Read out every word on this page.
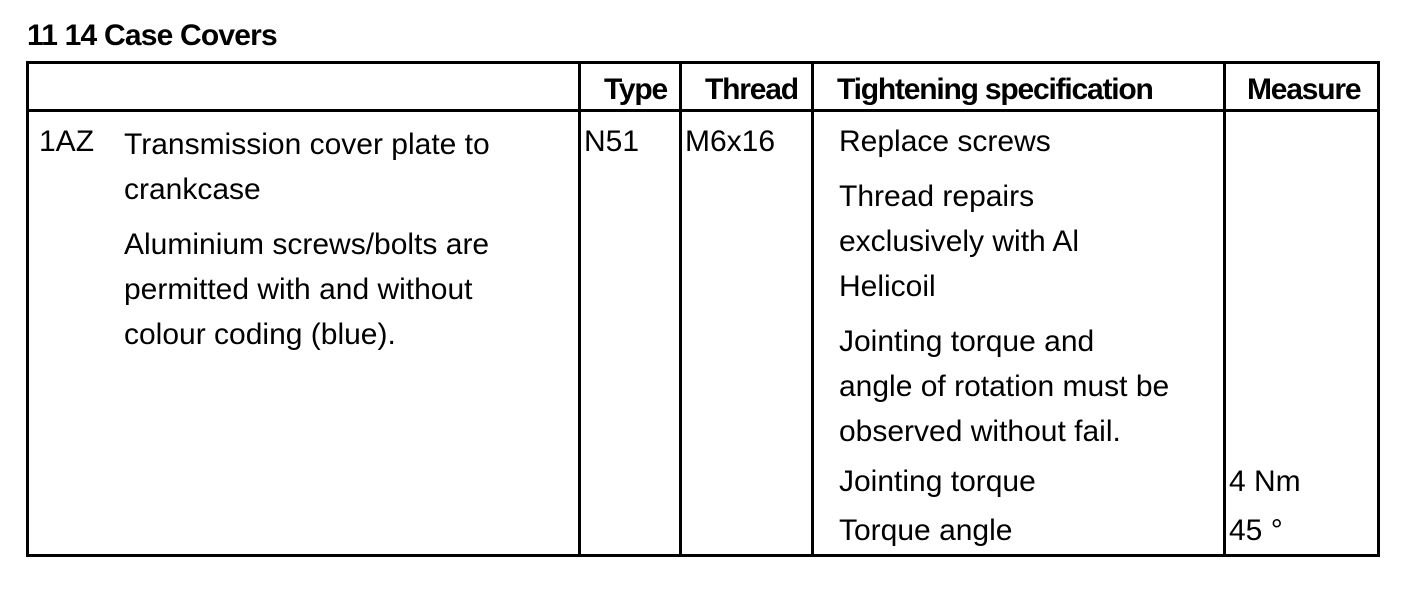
11 14 Case Covers
Type Thread Tightening specification	Measure
1AZ Transmission cover plate to
crankcase
Aluminium screws/bolts are
permitted with and without
colour coding (blue).
N51 M6x16 Replace screws
Thread repairs
exclusively with Al
Helicoil
Jointing torque and
angle of rotation must be
observed without fail.
Jointing torque
Torque angle
4 Nm
45 °
